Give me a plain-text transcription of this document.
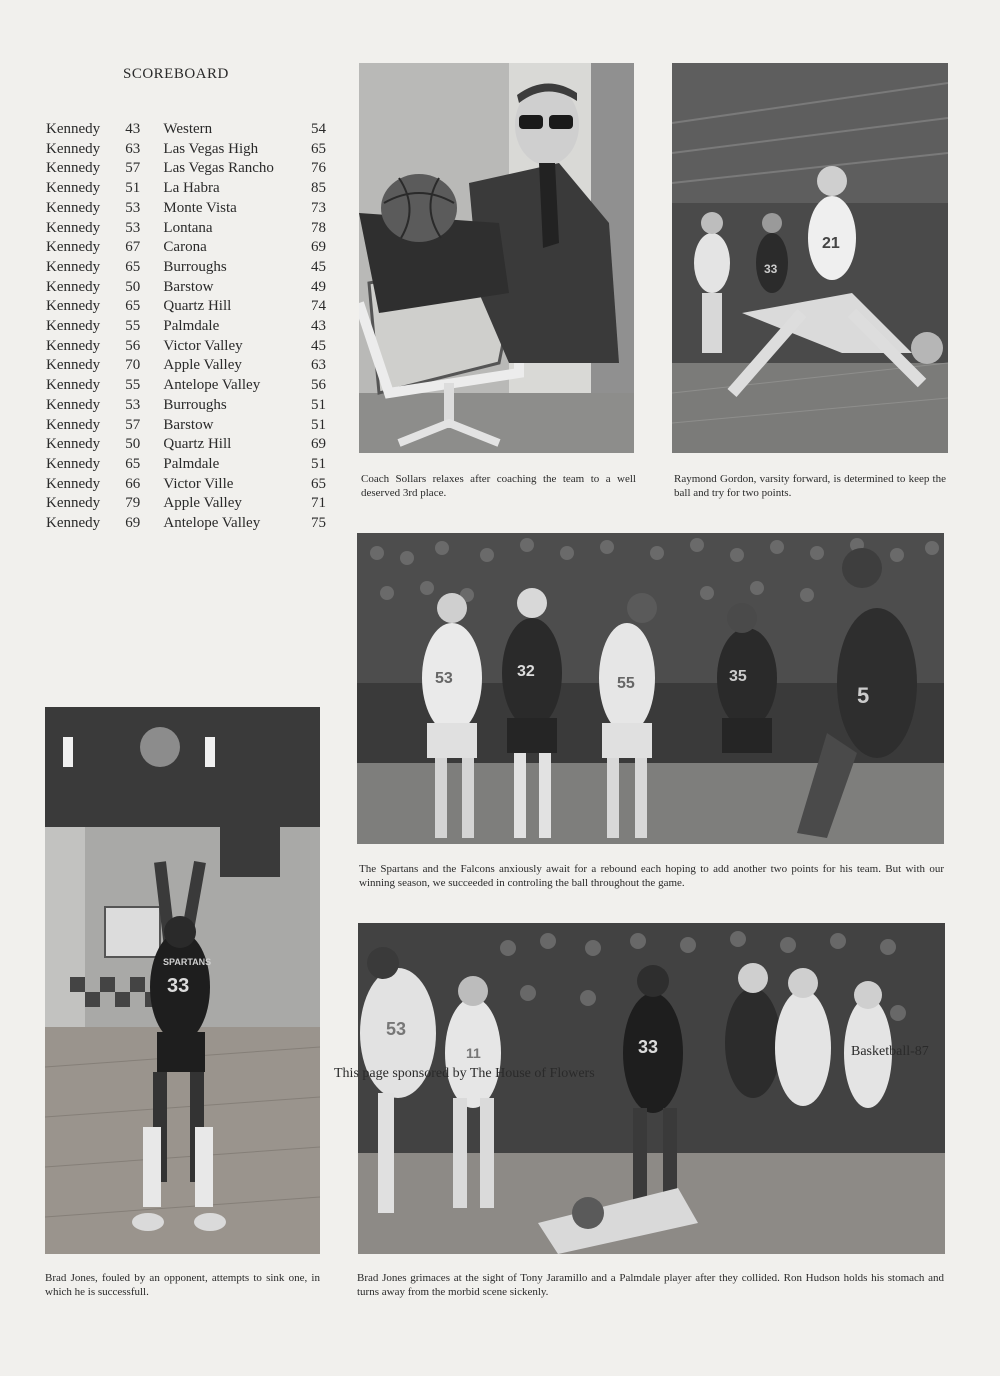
SCOREBOARD
Kennedy	43	Western	54
Kennedy	63	Las Vegas High	65
Kennedy	57	Las Vegas Rancho	76
Kennedy	51	La Habra	85
Kennedy	53	Monte Vista	73
Kennedy	53	Lontana	78
Kennedy	67	Carona	69
Kennedy	65	Burroughs	45
Kennedy	50	Barstow	49
Kennedy	65	Quartz Hill	74
Kennedy	55	Palmdale	43
Kennedy	56	Victor Valley	45
Kennedy	70	Apple Valley	63
Kennedy	55	Antelope Valley	56
Kennedy	53	Burroughs	51
Kennedy	57	Barstow	51
Kennedy	50	Quartz Hill	69
Kennedy	65	Palmdale	51
Kennedy	66	Victor Ville	65
Kennedy	79	Apple Valley	71
Kennedy	69	Antelope Valley	75
Coach Sollars relaxes after coaching the team to a well deserved 3rd place.
21
33
Raymond Gordon, varsity forward, is determined to keep the ball and try for two points.
53	32
55	35
5
The Spartans and the Falcons anxiously await for a rebound each hoping to add another two points for his team. But with our winning season, we succeeded in controling the ball throughout the game.
SPARTANS
33
Brad Jones, fouled by an opponent, attempts to sink one, in which he is successfull.
53
11	33
Brad Jones grimaces at the sight of Tony Jaramillo and a Palmdale player after they collided. Ron Hudson holds his stomach and turns away from the morbid scene sickenly.
Basketball-87
This page sponsored by The House of Flowers
